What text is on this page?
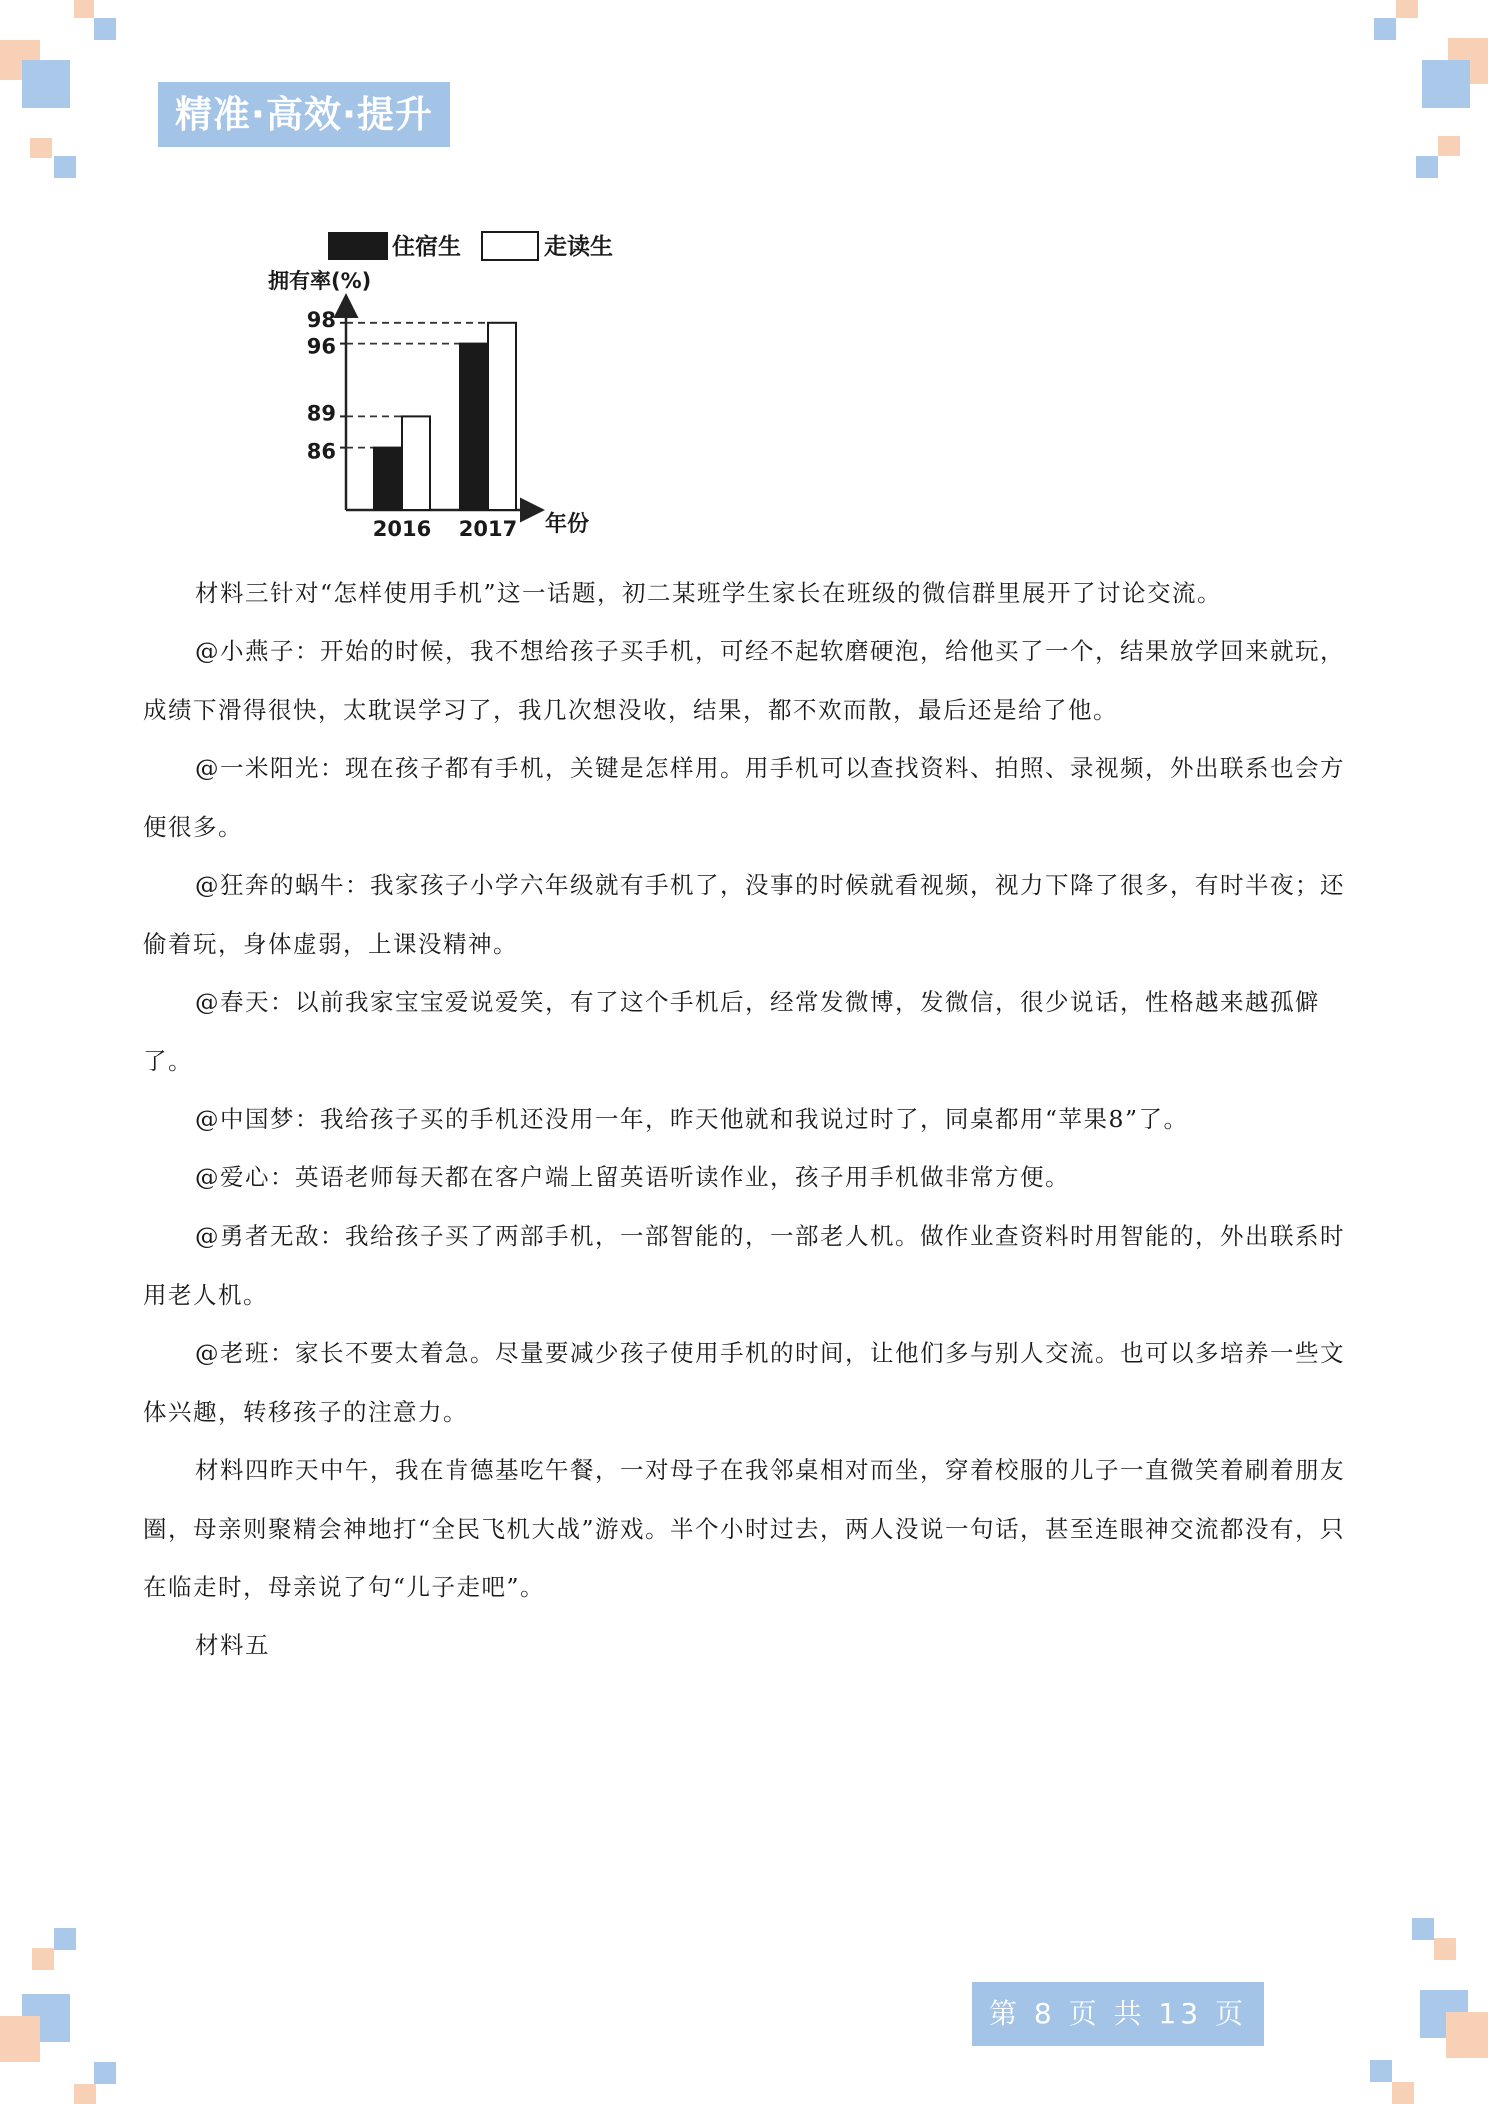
精准·高效·提升
住宿生	走读生
拥有率(%)
年份
86
89
96
98
2016 2017

材料三针对“怎样使用手机”这一话题，初二某班学生家长在班级的微信群里展开了讨论交流。

@小燕子：开始的时候，我不想给孩子买手机，可经不起软磨硬泡，给他买了一个，结果放学回来就玩，成绩下滑得很快，太耽误学习了，我几次想没收，结果，都不欢而散，最后还是给了他。

@一米阳光：现在孩子都有手机，关键是怎样用。用手机可以查找资料、拍照、录视频，外出联系也会方便很多。

@狂奔的蜗牛：我家孩子小学六年级就有手机了，没事的时候就看视频，视力下降了很多，有时半夜；还偷着玩，身体虚弱，上课没精神。

@春天：以前我家宝宝爱说爱笑，有了这个手机后，经常发微博，发微信，很少说话，性格越来越孤僻了。

@中国梦：我给孩子买的手机还没用一年，昨天他就和我说过时了，同桌都用“苹果8”了。

@爱心：英语老师每天都在客户端上留英语听读作业，孩子用手机做非常方便。

@勇者无敌：我给孩子买了两部手机，一部智能的，一部老人机。做作业查资料时用智能的，外出联系时用老人机。

@老班：家长不要太着急。尽量要减少孩子使用手机的时间，让他们多与别人交流。也可以多培养一些文体兴趣，转移孩子的注意力。

材料四昨天中午，我在肯德基吃午餐，一对母子在我邻桌相对而坐，穿着校服的儿子一直微笑着刷着朋友圈，母亲则聚精会神地打“全民飞机大战”游戏。半个小时过去，两人没说一句话，甚至连眼神交流都没有，只在临走时，母亲说了句“儿子走吧”。

材料五

第 8 页 共 13 页
